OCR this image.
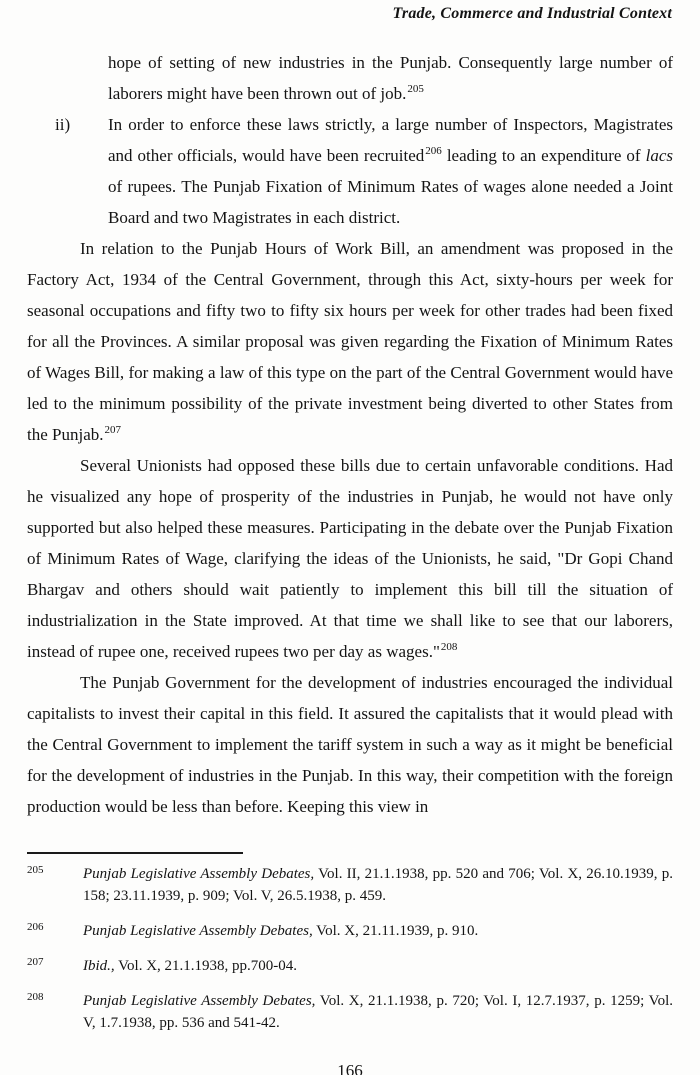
Trade, Commerce and Industrial Context
hope of setting of new industries in the Punjab. Consequently large number of laborers might have been thrown out of job.$^{205}$
ii) In order to enforce these laws strictly, a large number of Inspectors, Magistrates and other officials, would have been recruited$^{206}$ leading to an expenditure of lacs of rupees. The Punjab Fixation of Minimum Rates of wages alone needed a Joint Board and two Magistrates in each district.

In relation to the Punjab Hours of Work Bill, an amendment was proposed in the Factory Act, 1934 of the Central Government, through this Act, sixty-hours per week for seasonal occupations and fifty two to fifty six hours per week for other trades had been fixed for all the Provinces. A similar proposal was given regarding the Fixation of Minimum Rates of Wages Bill, for making a law of this type on the part of the Central Government would have led to the minimum possibility of the private investment being diverted to other States from the Punjab.$^{207}$

Several Unionists had opposed these bills due to certain unfavorable conditions. Had he visualized any hope of prosperity of the industries in Punjab, he would not have only supported but also helped these measures. Participating in the debate over the Punjab Fixation of Minimum Rates of Wage, clarifying the ideas of the Unionists, he said, "Dr Gopi Chand Bhargav and others should wait patiently to implement this bill till the situation of industrialization in the State improved. At that time we shall like to see that our laborers, instead of rupee one, received rupees two per day as wages."$^{208}$

The Punjab Government for the development of industries encouraged the individual capitalists to invest their capital in this field. It assured the capitalists that it would plead with the Central Government to implement the tariff system in such a way as it might be beneficial for the development of industries in the Punjab. In this way, their competition with the foreign production would be less than before. Keeping this view in

205	Punjab Legislative Assembly Debates, Vol. II, 21.1.1938, pp. 520 and 706; Vol. X, 26.10.1939, p. 158; 23.11.1939, p. 909; Vol. V, 26.5.1938, p. 459.
206	Punjab Legislative Assembly Debates, Vol. X, 21.11.1939, p. 910.
207	Ibid., Vol. X, 21.1.1938, pp.700-04.
208	Punjab Legislative Assembly Debates, Vol. X, 21.1.1938, p. 720; Vol. I, 12.7.1937, p. 1259; Vol. V, 1.7.1938, pp. 536 and 541-42.
166
